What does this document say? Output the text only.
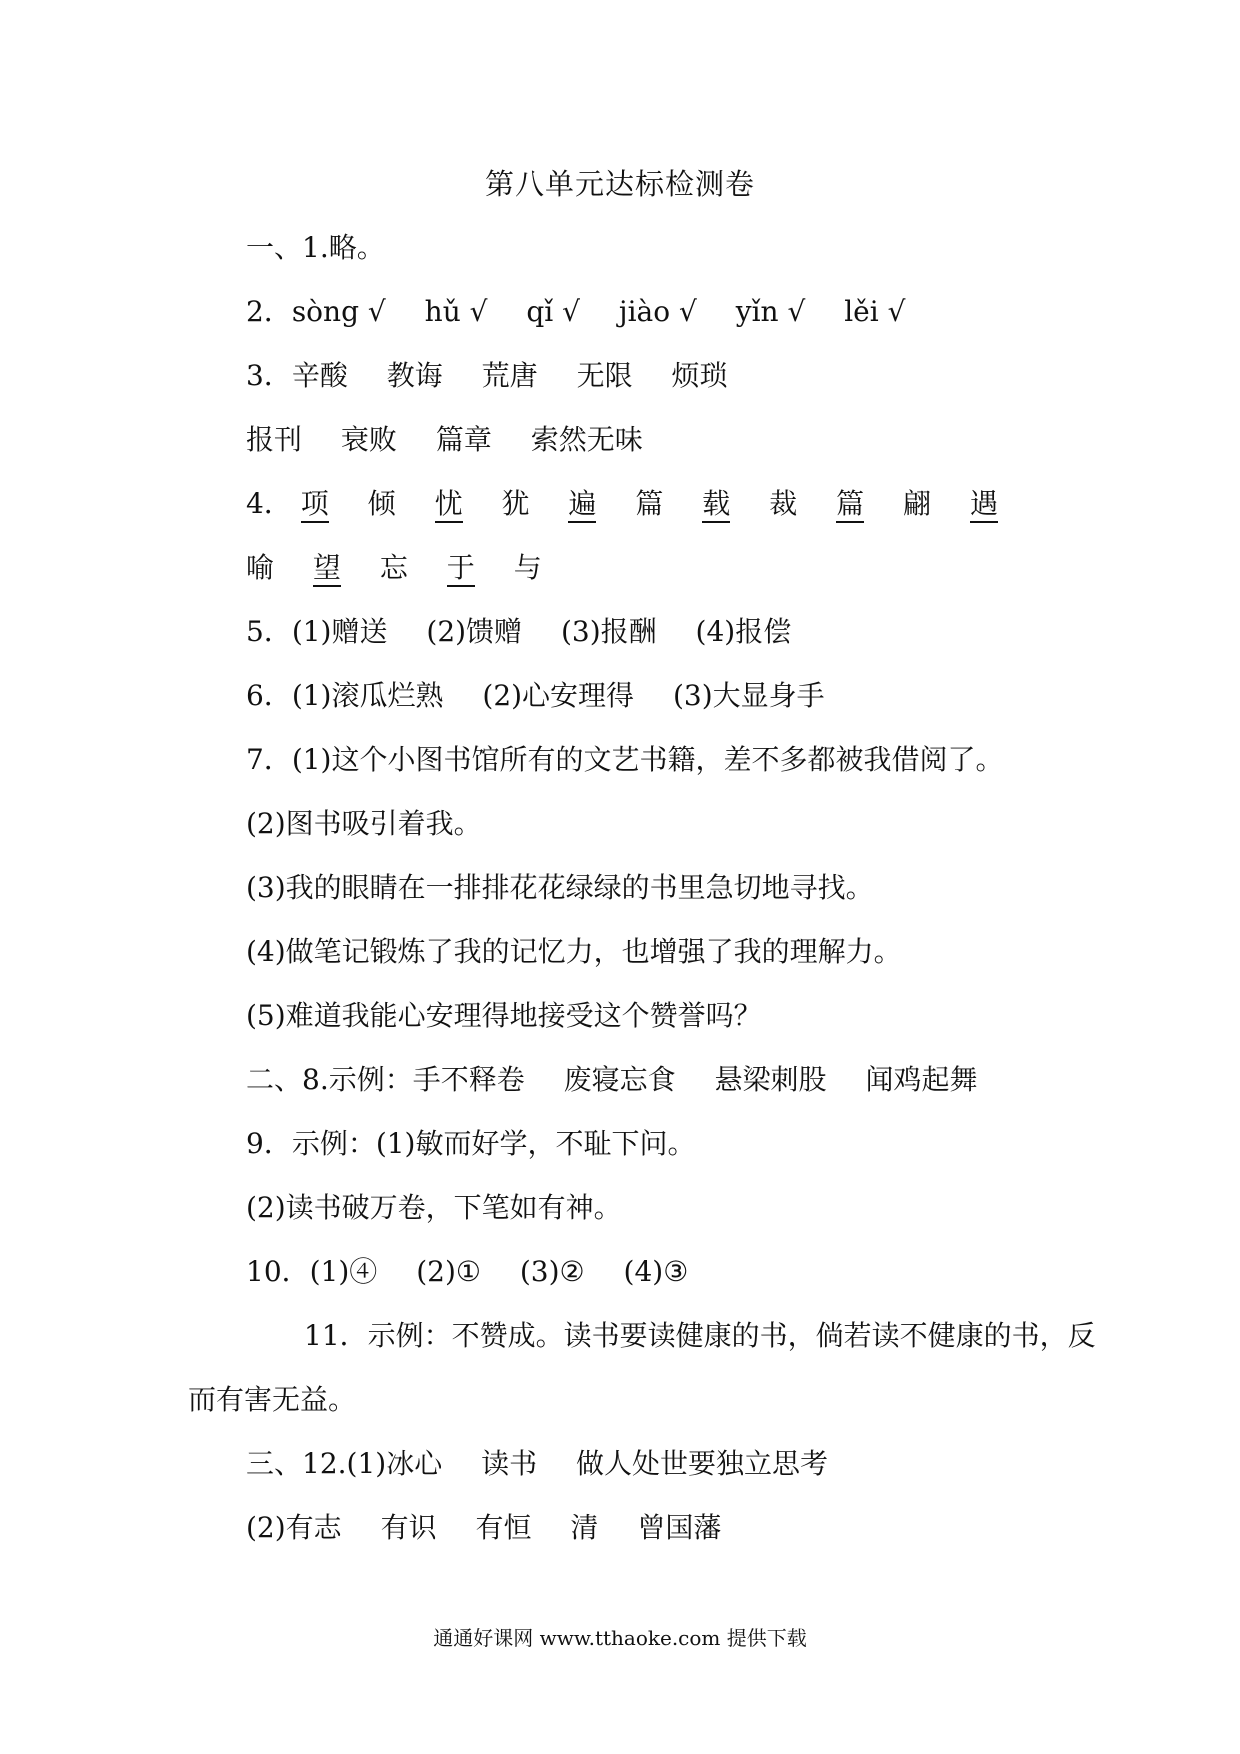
第八单元达标检测卷
一、1.略。
2．sòng √ hǔ √ qǐ √ jiào √ yǐn √ lěi √
3．辛酸 教诲 荒唐 无限 烦琐
报刊 衰败 篇章 索然无味
4． 项 倾 忧 犹 遍 篇 载 裁 篇 翩 遇
喻 望 忘 于 与
5．(1)赠送 (2)馈赠 (3)报酬 (4)报偿
6．(1)滚瓜烂熟 (2)心安理得 (3)大显身手
7．(1)这个小图书馆所有的文艺书籍，差不多都被我借阅了。
(2)图书吸引着我。
(3)我的眼睛在一排排花花绿绿的书里急切地寻找。
(4)做笔记锻炼了我的记忆力，也增强了我的理解力。
(5)难道我能心安理得地接受这个赞誉吗？
二、8.示例：手不释卷 废寝忘食 悬梁刺股 闻鸡起舞
9．示例：(1)敏而好学，不耻下问。
(2)读书破万卷，下笔如有神。
10．(1)④ (2)① (3)② (4)③
11．示例：不赞成。读书要读健康的书，倘若读不健康的书，反
而有害无益。
三、12.(1)冰心 读书 做人处世要独立思考
(2)有志 有识 有恒 清 曾国藩
通通好课网 www.tthaoke.com 提供下载
